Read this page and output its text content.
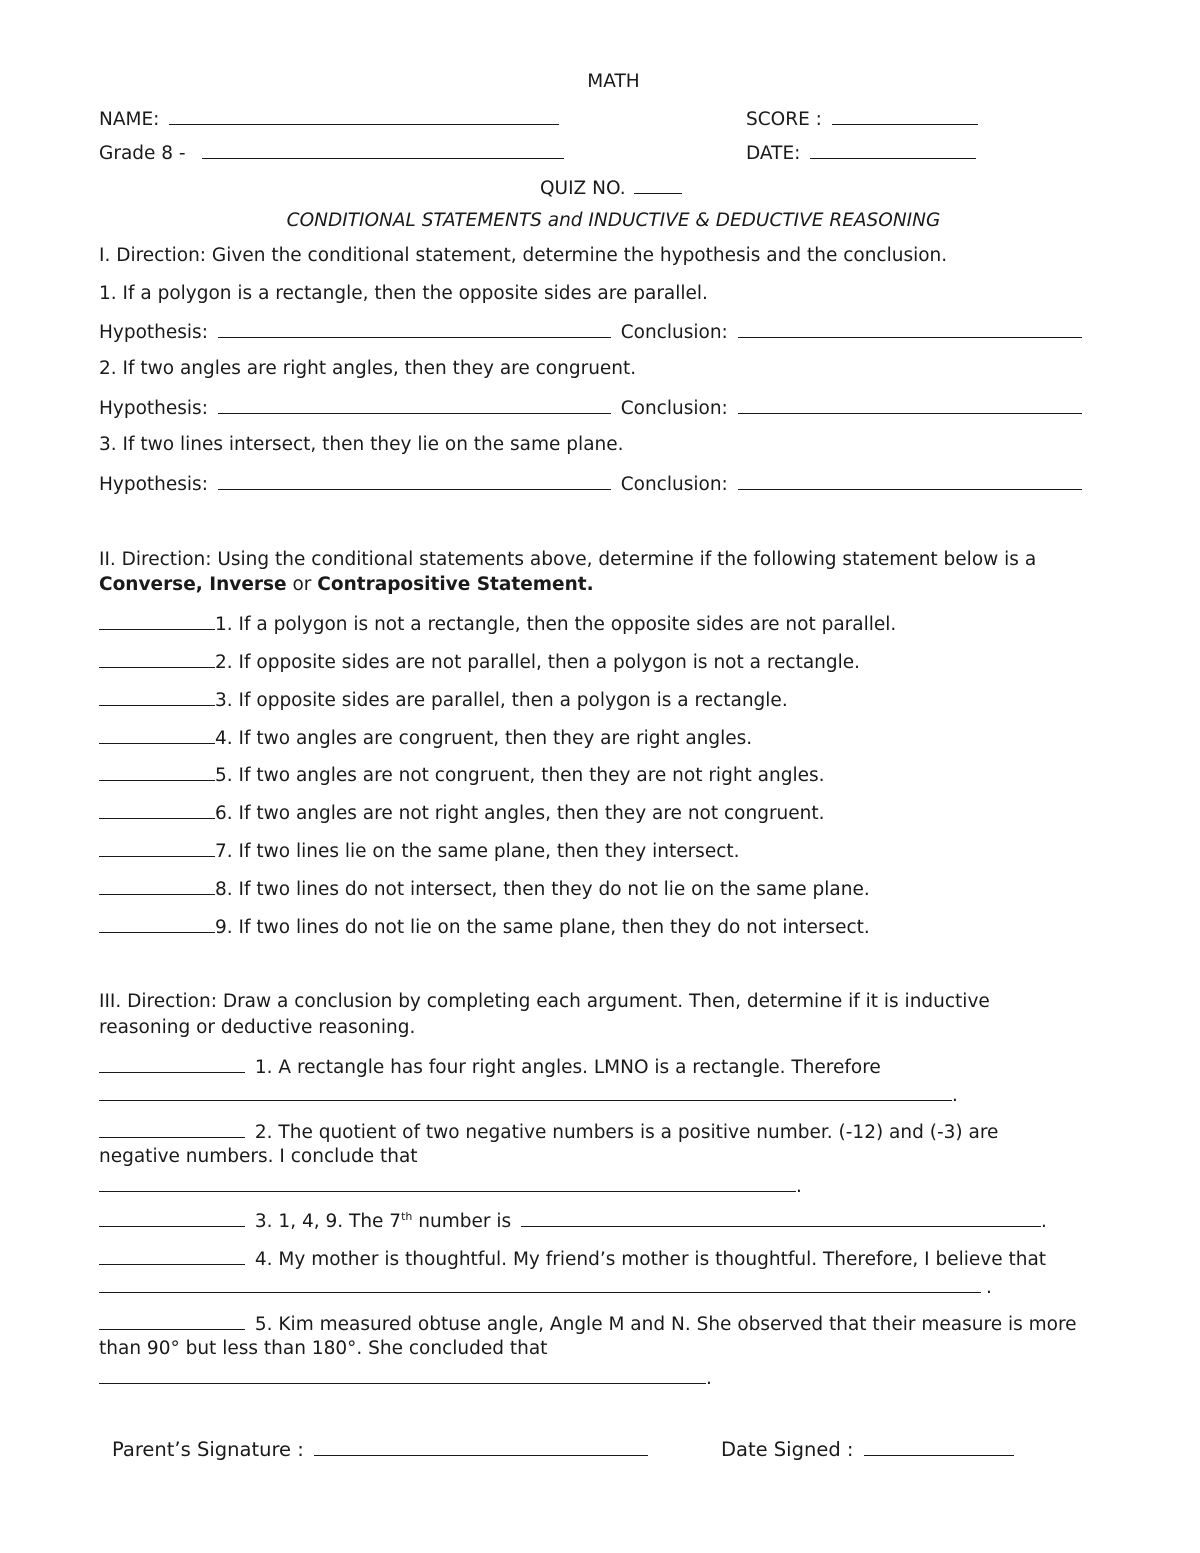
MATH
NAME:	SCORE :
Grade 8 -	DATE:
QUIZ NO.
CONDITIONAL STATEMENTS and INDUCTIVE & DEDUCTIVE REASONING
I. Direction: Given the conditional statement, determine the hypothesis and the conclusion.
1. If a polygon is a rectangle, then the opposite sides are parallel.
Hypothesis:	Conclusion:
2. If two angles are right angles, then they are congruent.
Hypothesis:	Conclusion:
3. If two lines intersect, then they lie on the same plane.
Hypothesis:	Conclusion:
II. Direction: Using the conditional statements above, determine if the following statement below is a
Converse, Inverse or Contrapositive Statement.
1. If a polygon is not a rectangle, then the opposite sides are not parallel.
2. If opposite sides are not parallel, then a polygon is not a rectangle.
3. If opposite sides are parallel, then a polygon is a rectangle.
4. If two angles are congruent, then they are right angles.
5. If two angles are not congruent, then they are not right angles.
6. If two angles are not right angles, then they are not congruent.
7. If two lines lie on the same plane, then they intersect.
8. If two lines do not intersect, then they do not lie on the same plane.
9. If two lines do not lie on the same plane, then they do not intersect.
III. Direction: Draw a conclusion by completing each argument. Then, determine if it is inductive
reasoning or deductive reasoning.
1. A rectangle has four right angles. LMNO is a rectangle. Therefore
.
2. The quotient of two negative numbers is a positive number. (-12) and (-3) are
negative numbers. I conclude that
.
3. 1, 4, 9. The 7th number is	.
4. My mother is thoughtful. My friend’s mother is thoughtful. Therefore, I believe that
.
5. Kim measured obtuse angle, Angle M and N. She observed that their measure is more
than 90° but less than 180°. She concluded that
.
Parent’s Signature :	Date Signed :
